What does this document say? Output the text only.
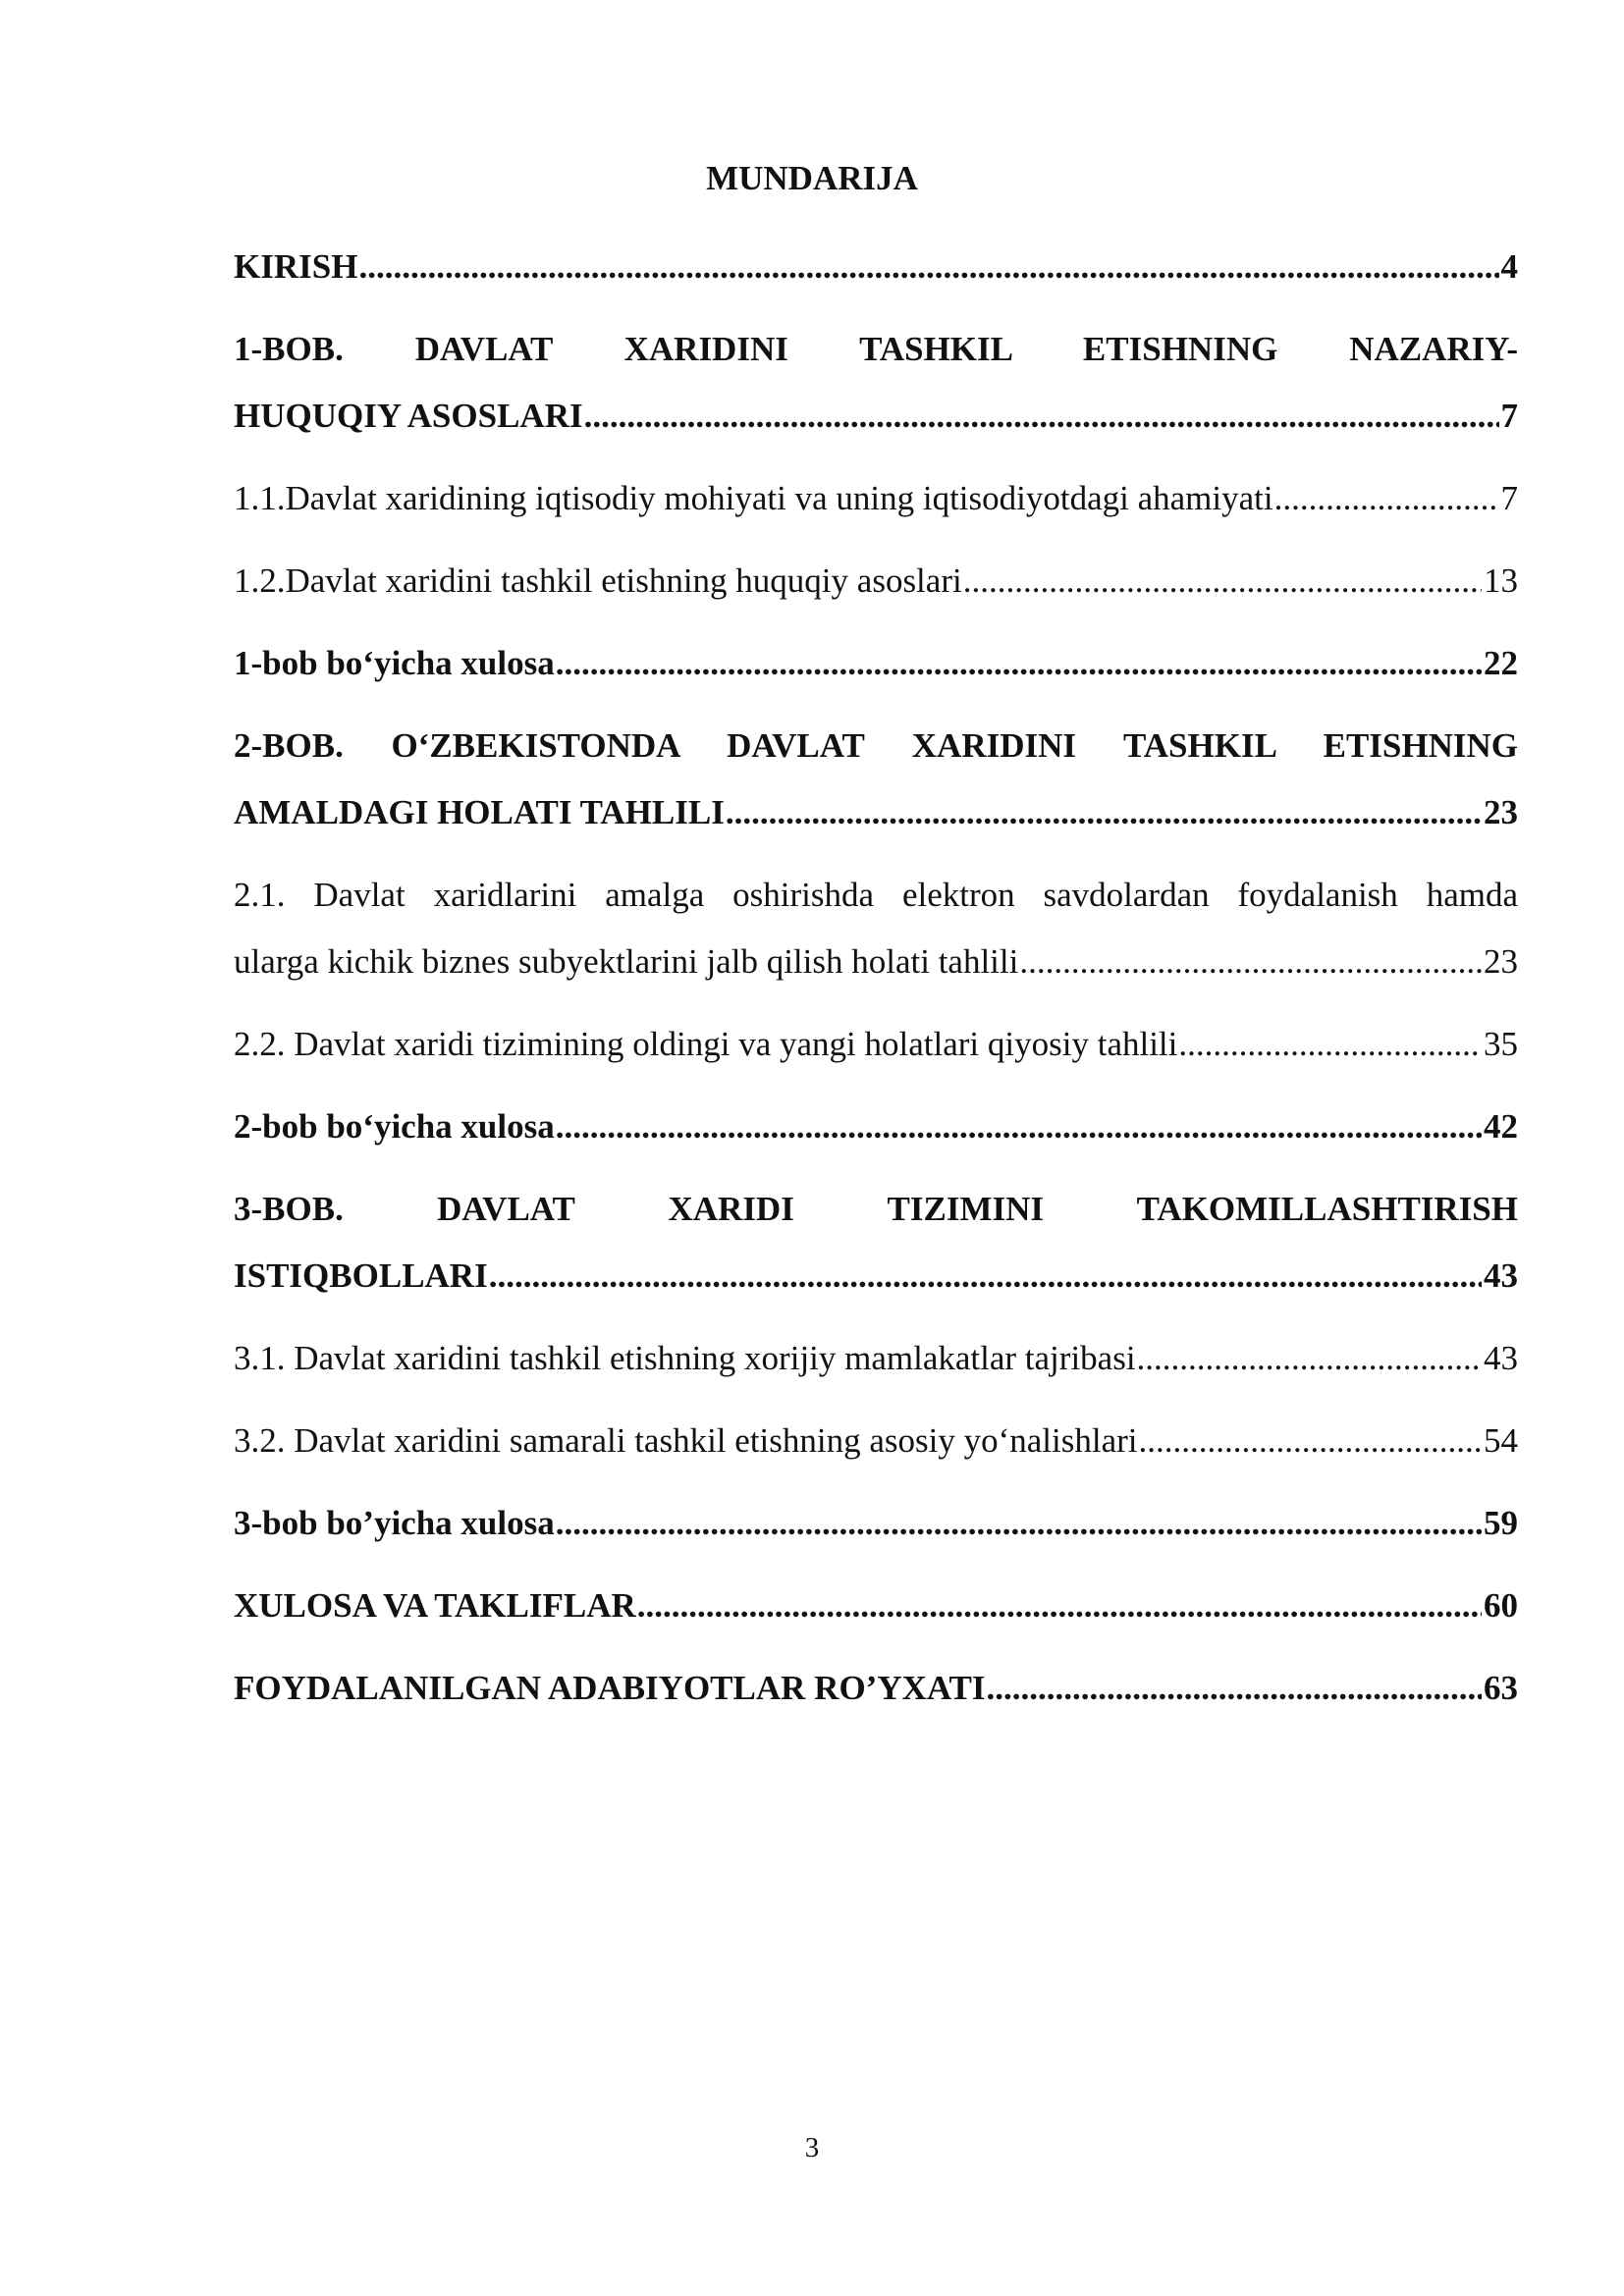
MUNDARIJA
KIRISH .....	4
1-BOB. DAVLAT XARIDINI TASHKIL ETISHNING NAZARIY-
HUQUQIY ASOSLARI .....	7
1.1.Davlat xaridining iqtisodiy mohiyati va uning iqtisodiyotdagi ahamiyati .....	7
1.2.Davlat xaridini tashkil etishning huquqiy asoslari .....	13
1-bob bo‘yicha xulosa .....	22
2-BOB. O‘ZBEKISTONDA DAVLAT XARIDINI TASHKIL ETISHNING
AMALDAGI HOLATI TAHLILI .....	23
2.1. Davlat xaridlarini amalga oshirishda elektron savdolardan foydalanish hamda
ularga kichik biznes subyektlarini jalb qilish holati tahlili .....	23
2.2. Davlat xaridi tizimining oldingi va yangi holatlari qiyosiy tahlili .....	35
2-bob bo‘yicha xulosa .....	42
3-BOB. DAVLAT XARIDI TIZIMINI TAKOMILLASHTIRISH
ISTIQBOLLARI .....	43
3.1. Davlat xaridini tashkil etishning xorijiy mamlakatlar tajribasi .....	43
3.2. Davlat xaridini samarali tashkil etishning asosiy yo‘nalishlari .....	54
3-bob bo’yicha xulosa .....	59
XULOSA VA TAKLIFLAR .....	60
FOYDALANILGAN ADABIYOTLAR RO’YXATI .....	63
3
